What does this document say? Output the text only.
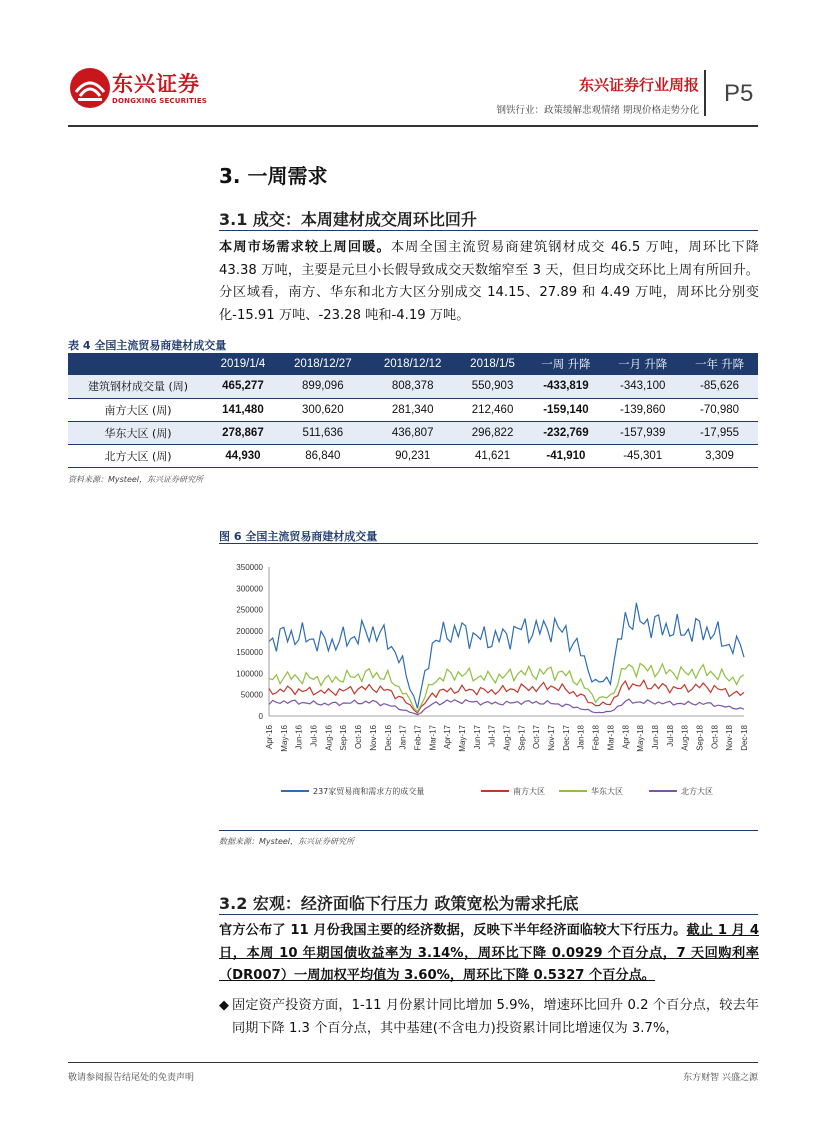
东兴证券
DONGXING SECURITIES
东兴证券行业周报
钢铁行业：政策缓解悲观情绪 期现价格走势分化
P5
3. 一周需求
3.1 成交：本周建材成交周环比回升

本周市场需求较上周回暖。本周全国主流贸易商建筑钢材成交 46.5 万吨，周环比下降 43.38 万吨，主要是元旦小长假导致成交天数缩窄至 3 天，但日均成交环比上周有所回升。分区域看，南方、华东和北方大区分别成交 14.15、27.89 和 4.49 万吨，周环比分别变化-15.91 万吨、-23.28 吨和-4.19 万吨。

表 4 全国主流贸易商建材成交量
	2019/1/4	2018/12/27	2018/12/12	2018/1/5	一周 升降	一月 升降	一年 升降
建筑钢材成交量 (周)	465,277	899,096	808,378	550,903	-433,819	-343,100	-85,626
南方大区 (周)	141,480	300,620	281,340	212,460	-159,140	-139,860	-70,980
华东大区 (周)	278,867	511,636	436,807	296,822	-232,769	-157,939	-17,955
北方大区 (周)	44,930	86,840	90,231	41,621	-41,910	-45,301	3,309
资料来源：Mysteel，东兴证券研究所
图 6 全国主流贸易商建材成交量
350000
300000
250000
200000
150000
100000
50000
0
Apr-16 May-16 Jun-16 Jul-16 Aug-16 Sep-16 Oct-16 Nov-16 Dec-16 Jan-17 Feb-17 Mar-17 Apr-17 May-17 Jun-17 Jul-17 Aug-17 Sep-17 Oct-17 Nov-17 Dec-17 Jan-18 Feb-18 Mar-18 Apr-18 May-18 Jun-18 Jul-18 Aug-18 Sep-18 Oct-18 Nov-18 Dec-18
237家贸易商和需求方的成交量	南方大区	华东大区	北方大区
数据来源：Mysteel，东兴证券研究所
3.2 宏观：经济面临下行压力 政策宽松为需求托底

官方公布了 11 月份我国主要的经济数据，反映下半年经济面临较大下行压力。截止 1 月 4 日，本周 10 年期国债收益率为 3.14%，周环比下降 0.0929 个百分点，7 天回购利率（DR007）一周加权平均值为 3.60%，周环比下降 0.5327 个百分点。

◆ 固定资产投资方面，1-11 月份累计同比增加 5.9%，增速环比回升 0.2 个百分点，较去年同期下降 1.3 个百分点，其中基建(不含电力)投资累计同比增速仅为 3.7%，
敬请参阅报告结尾处的免责声明	东方财智 兴盛之源
